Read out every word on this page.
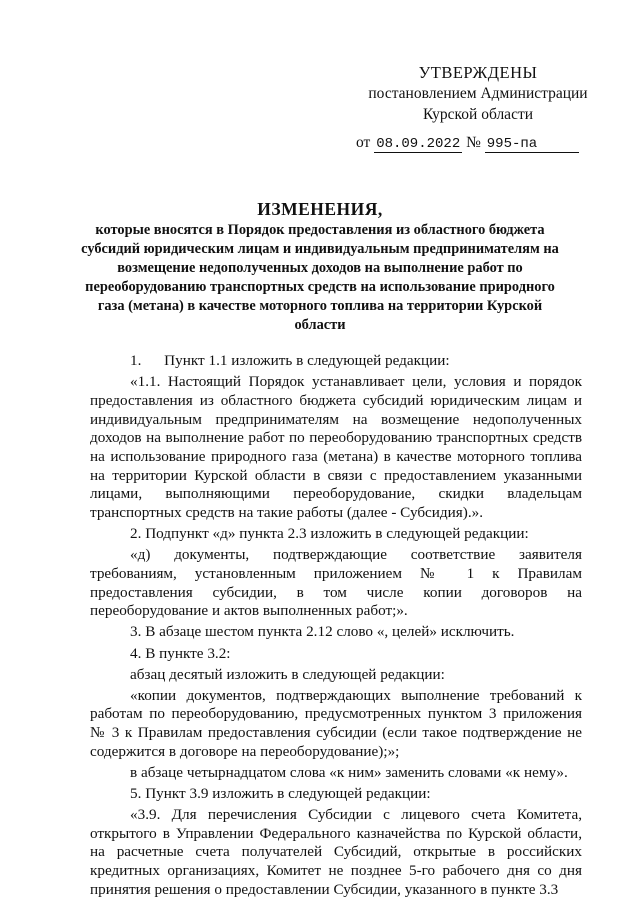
УТВЕРЖДЕНЫ
постановлением Администрации
Курской области
от 08.09.2022 № 995-па
ИЗМЕНЕНИЯ,
которые вносятся в Порядок предоставления из областного бюджета субсидий юридическим лицам и индивидуальным предпринимателям на возмещение недополученных доходов на выполнение работ по переоборудованию транспортных средств на использование природного газа (метана) в качестве моторного топлива на территории Курской области

1.      Пункт 1.1 изложить в следующей редакции:

«1.1. Настоящий Порядок устанавливает цели, условия и порядок предоставления из областного бюджета субсидий юридическим лицам и индивидуальным предпринимателям на возмещение недополученных доходов на выполнение работ по переоборудованию транспортных средств на использование природного газа (метана) в качестве моторного топлива на территории Курской области в связи с предоставлением указанными лицами, выполняющими переоборудование, скидки владельцам транспортных средств на такие работы (далее - Субсидия).».

2. Подпункт «д» пункта 2.3 изложить в следующей редакции:

«д) документы, подтверждающие соответствие заявителя требованиям, установленным приложением № 1 к Правилам предоставления субсидии, в том числе копии договоров на переоборудование и актов выполненных работ;».

3. В абзаце шестом пункта 2.12 слово «, целей» исключить.

4. В пункте 3.2:

абзац десятый изложить в следующей редакции:

«копии документов, подтверждающих выполнение требований к работам по переоборудованию, предусмотренных пунктом 3 приложения № 3 к Правилам предоставления субсидии (если такое подтверждение не содержится в договоре на переоборудование);»;

в абзаце четырнадцатом слова «к ним» заменить словами «к нему».

5. Пункт 3.9 изложить в следующей редакции:

«3.9. Для перечисления Субсидии с лицевого счета Комитета, открытого в Управлении Федерального казначейства по Курской области, на расчетные счета получателей Субсидий, открытые в российских кредитных организациях, Комитет не позднее 5-го рабочего дня со дня принятия решения о предоставлении Субсидии, указанного в пункте 3.3
